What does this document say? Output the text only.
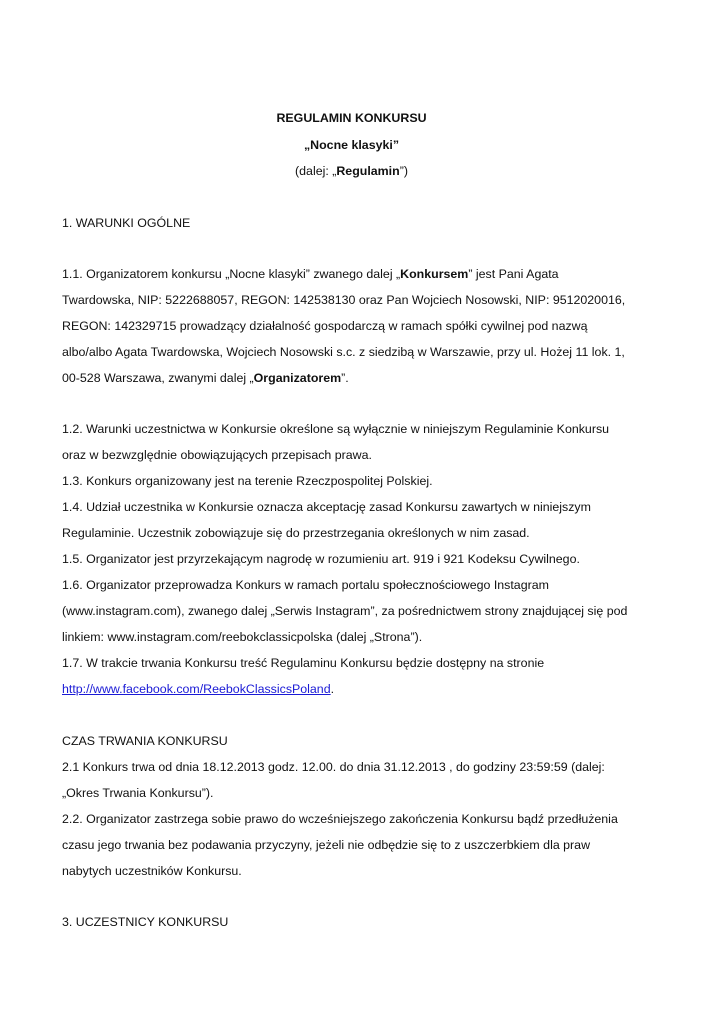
REGULAMIN KONKURSU
„Nocne klasyki”
(dalej: „Regulamin”)
1. WARUNKI OGÓLNE
1.1. Organizatorem konkursu „Nocne klasyki” zwanego dalej „Konkursem” jest Pani Agata
Twardowska, NIP: 5222688057, REGON: 142538130 oraz Pan Wojciech Nosowski, NIP: 9512020016,
REGON: 142329715 prowadzący działalność gospodarczą w ramach spółki cywilnej pod nazwą
albo/albo Agata Twardowska, Wojciech Nosowski s.c. z siedzibą w Warszawie, przy ul. Hożej 11 lok. 1,
00-528 Warszawa, zwanymi dalej „Organizatorem”.
1.2. Warunki uczestnictwa w Konkursie określone są wyłącznie w niniejszym Regulaminie Konkursu
oraz w bezwzględnie obowiązujących przepisach prawa.
1.3. Konkurs organizowany jest na terenie Rzeczpospolitej Polskiej.
1.4. Udział uczestnika w Konkursie oznacza akceptację zasad Konkursu zawartych w niniejszym
Regulaminie. Uczestnik zobowiązuje się do przestrzegania określonych w nim zasad.
1.5. Organizator jest przyrzekającym nagrodę w rozumieniu art. 919 i 921 Kodeksu Cywilnego.
1.6. Organizator przeprowadza Konkurs w ramach portalu społecznościowego Instagram
(www.instagram.com), zwanego dalej „Serwis Instagram”, za pośrednictwem strony znajdującej się pod
linkiem: www.instagram.com/reebokclassicpolska (dalej „Strona”).
1.7. W trakcie trwania Konkursu treść Regulaminu Konkursu będzie dostępny na stronie
http://www.facebook.com/ReebokClassicsPoland.
CZAS TRWANIA KONKURSU
2.1 Konkurs trwa od dnia 18.12.2013 godz. 12.00. do dnia 31.12.2013 , do godziny 23:59:59 (dalej:
„Okres Trwania Konkursu”).
2.2. Organizator zastrzega sobie prawo do wcześniejszego zakończenia Konkursu bądź przedłużenia
czasu jego trwania bez podawania przyczyny, jeżeli nie odbędzie się to z uszczerbkiem dla praw
nabytych uczestników Konkursu.
3. UCZESTNICY KONKURSU
